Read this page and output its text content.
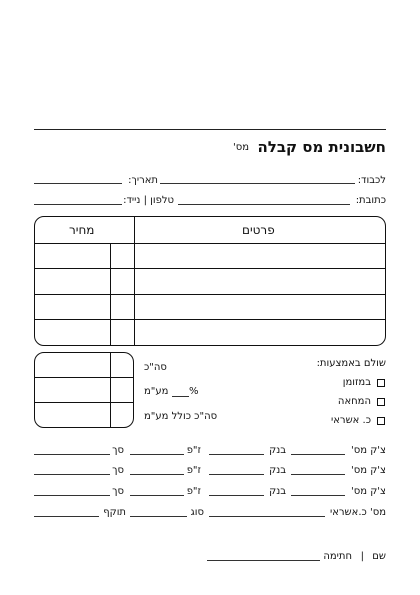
חשבונית מס קבלה
מס'
לכבוד:
תאריך:
כתובת:
טלפון | נייד:
פרטים
מחיר
סה"כ
מע"מ %
סה"כ כולל מע"מ
שולם באמצעות:
במזומן
המחאה
כ. אשראי
צ'ק מס'
בנק
ז"פ
סך
צ'ק מס'
בנק
ז"פ
סך
צ'ק מס'
בנק
ז"פ
סך
מס' כ.אשראי
סוג
תוקף
שם
|
חתימה
